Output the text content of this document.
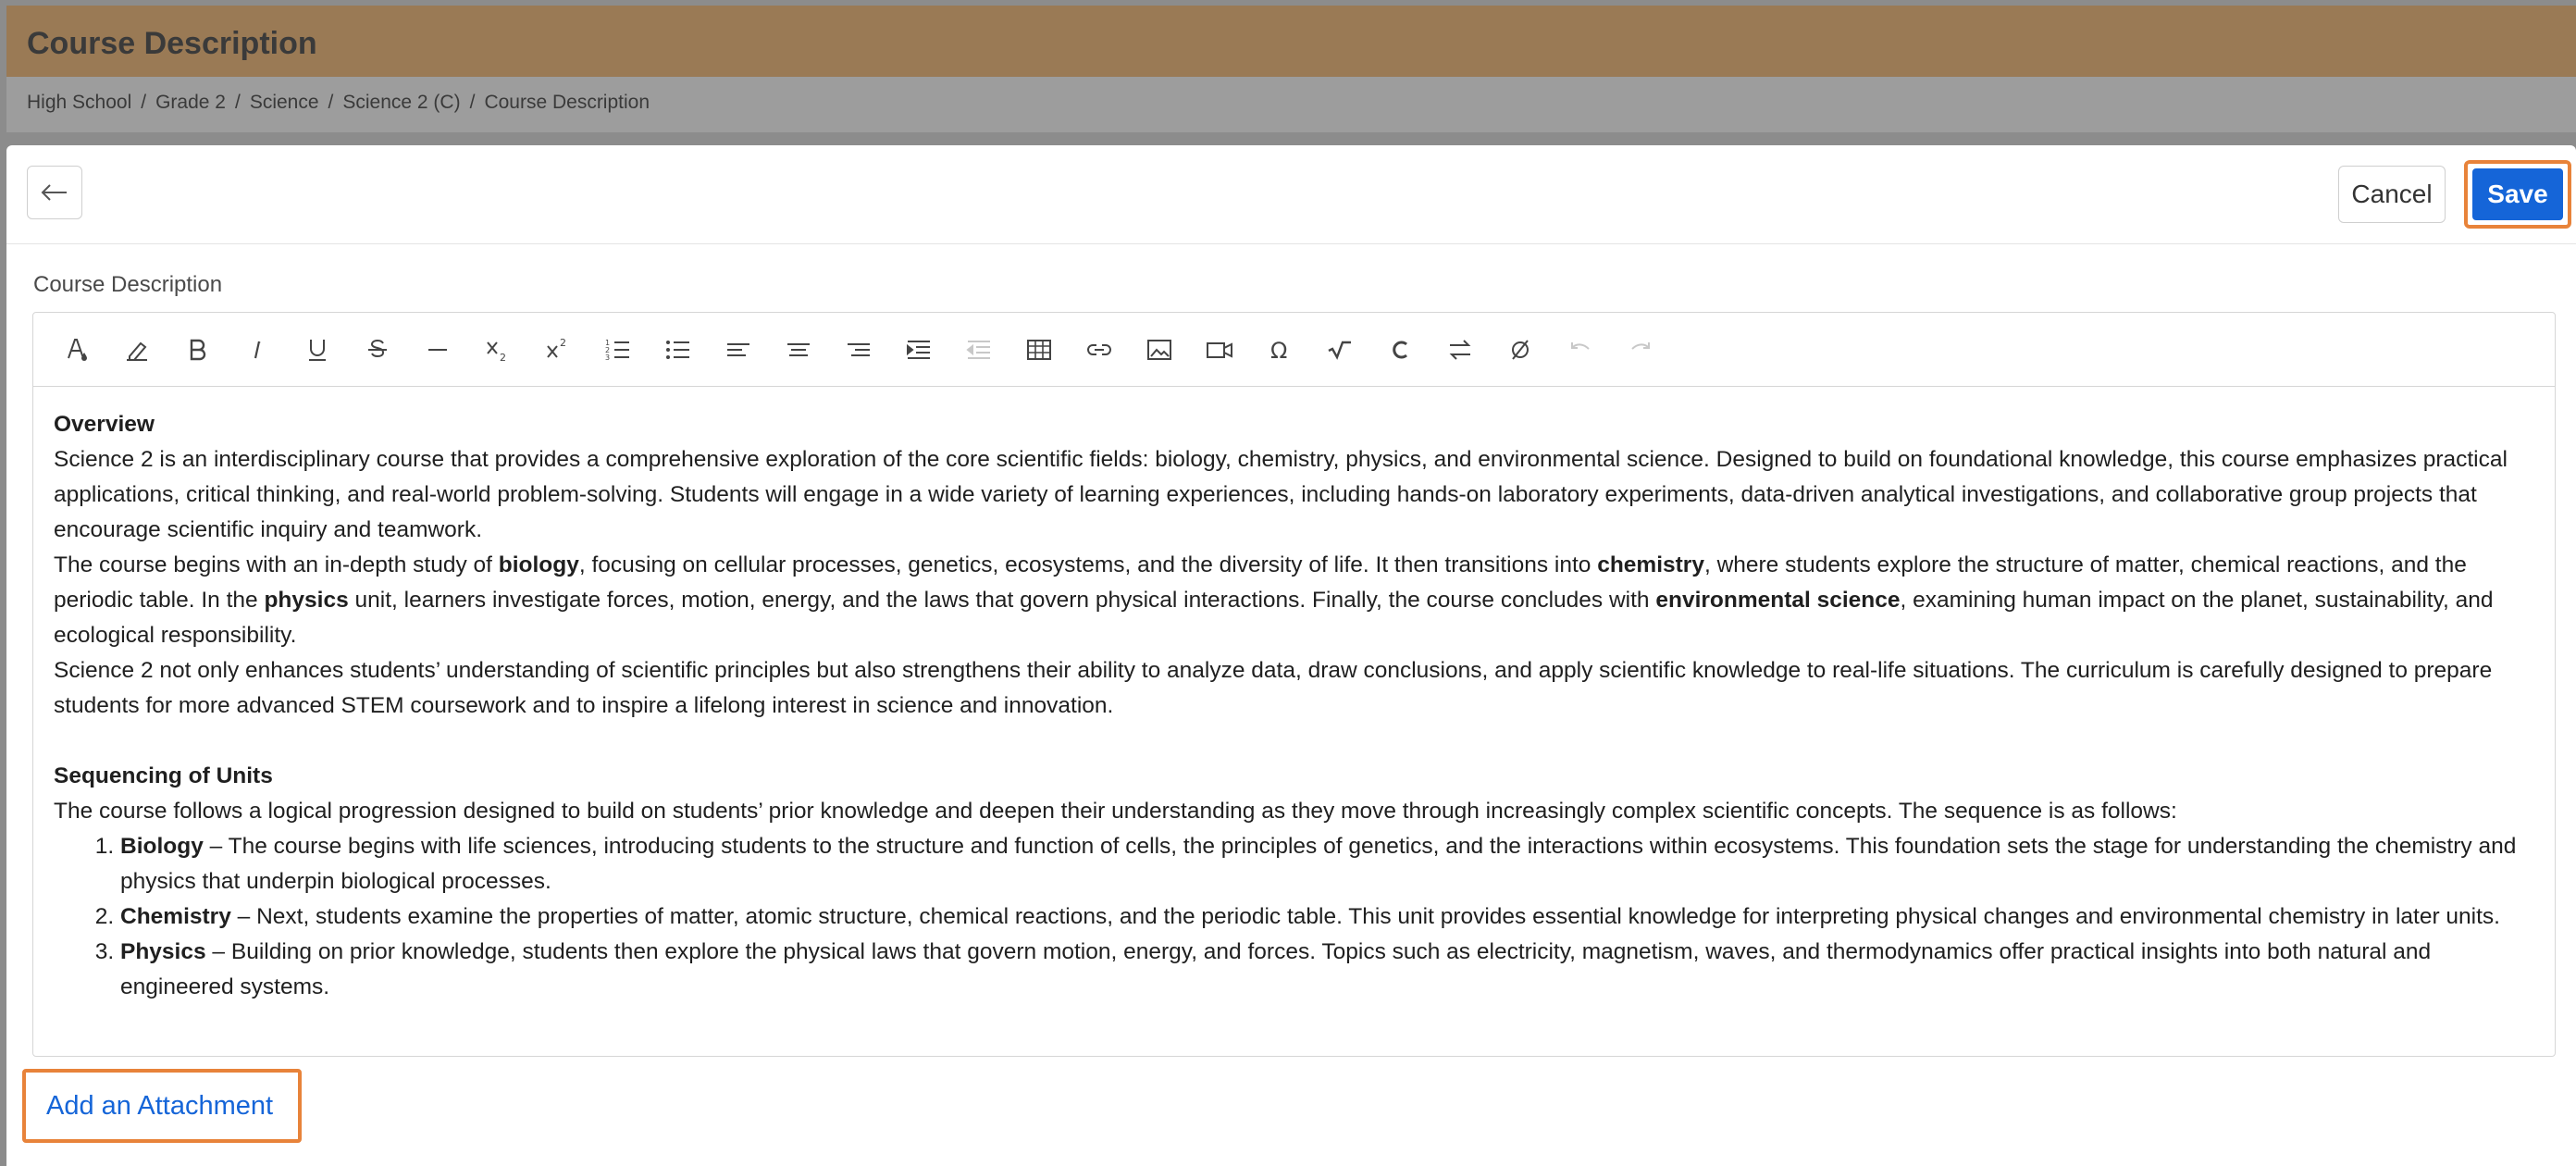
Course Description
High School / Grade 2 / Science / Science 2 (C) / Course Description
Cancel	Save
Course Description
2
2	1
2
3	Ω
Overview

Science 2 is an interdisciplinary course that provides a comprehensive exploration of the core scientific fields: biology, chemistry, physics, and environmental science. Designed to build on foundational knowledge, this course emphasizes practical applications, critical thinking, and real-world problem-solving. Students will engage in a wide variety of learning experiences, including hands-on laboratory experiments, data-driven analytical investigations, and collaborative group projects that encourage scientific inquiry and teamwork.

The course begins with an in-depth study of biology, focusing on cellular processes, genetics, ecosystems, and the diversity of life. It then transitions into chemistry, where students explore the structure of matter, chemical reactions, and the periodic table. In the physics unit, learners investigate forces, motion, energy, and the laws that govern physical interactions. Finally, the course concludes with environmental science, examining human impact on the planet, sustainability, and ecological responsibility.

Science 2 not only enhances students’ understanding of scientific principles but also strengthens their ability to analyze data, draw conclusions, and apply scientific knowledge to real-life situations. The curriculum is carefully designed to prepare students for more advanced STEM coursework and to inspire a lifelong interest in science and innovation.

Sequencing of Units

The course follows a logical progression designed to build on students’ prior knowledge and deepen their understanding as they move through increasingly complex scientific concepts. The sequence is as follows:

1. Biology – The course begins with life sciences, introducing students to the structure and function of cells, the principles of genetics, and the interactions within ecosystems. This foundation sets the stage for understanding the chemistry and physics that underpin biological processes.
2. Chemistry – Next, students examine the properties of matter, atomic structure, chemical reactions, and the periodic table. This unit provides essential knowledge for interpreting physical changes and environmental chemistry in later units.
3. Physics – Building on prior knowledge, students then explore the physical laws that govern motion, energy, and forces. Topics such as electricity, magnetism, waves, and thermodynamics offer practical insights into both natural and engineered systems.
Add an Attachment
